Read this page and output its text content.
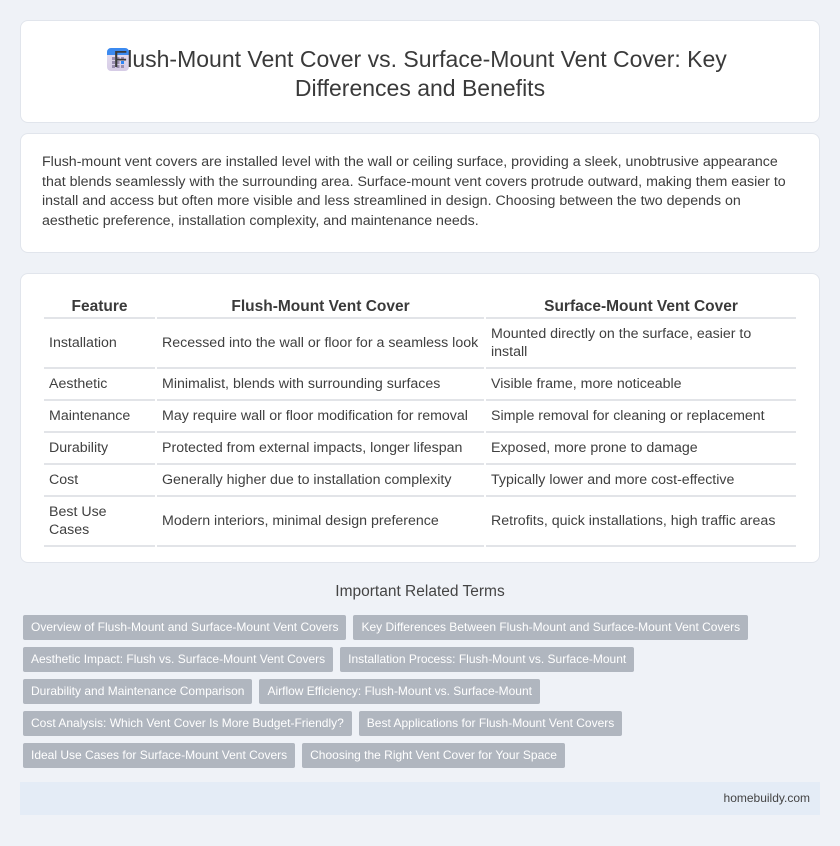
Flush-Mount Vent Cover vs. Surface-Mount Vent Cover: Key Differences and Benefits

Flush-mount vent covers are installed level with the wall or ceiling surface, providing a sleek, unobtrusive appearance that blends seamlessly with the surrounding area. Surface-mount vent covers protrude outward, making them easier to install and access but often more visible and less streamlined in design. Choosing between the two depends on aesthetic preference, installation complexity, and maintenance needs.

Feature	Flush-Mount Vent Cover	Surface-Mount Vent Cover
Installation	Recessed into the wall or floor for a seamless look	Mounted directly on the surface, easier to install
Aesthetic	Minimalist, blends with surrounding surfaces	Visible frame, more noticeable
Maintenance	May require wall or floor modification for removal	Simple removal for cleaning or replacement
Durability	Protected from external impacts, longer lifespan	Exposed, more prone to damage
Cost	Generally higher due to installation complexity	Typically lower and more cost-effective
Best Use Cases	Modern interiors, minimal design preference	Retrofits, quick installations, high traffic areas
Important Related Terms
Overview of Flush-Mount and Surface-Mount Vent Covers	Key Differences Between Flush-Mount and Surface-Mount Vent Covers
Aesthetic Impact: Flush vs. Surface-Mount Vent Covers	Installation Process: Flush-Mount vs. Surface-Mount
Durability and Maintenance Comparison	Airflow Efficiency: Flush-Mount vs. Surface-Mount
Cost Analysis: Which Vent Cover Is More Budget-Friendly?	Best Applications for Flush-Mount Vent Covers
Ideal Use Cases for Surface-Mount Vent Covers	Choosing the Right Vent Cover for Your Space
homebuildy.com
